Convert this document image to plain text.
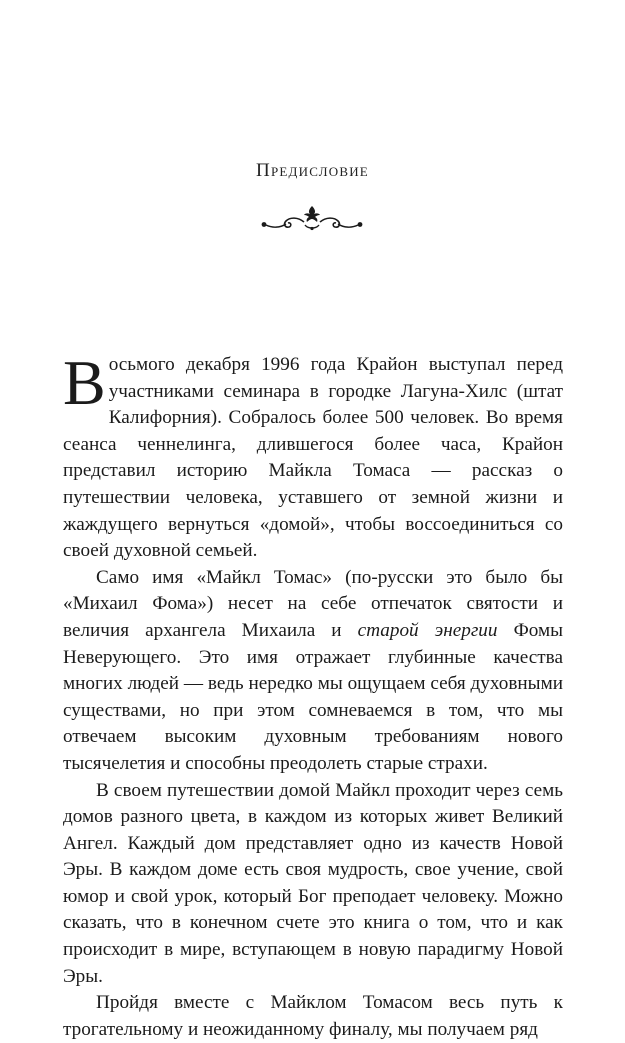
Предисловие

Восьмого декабря 1996 года Крайон выступал перед участниками семинара в городке Лагуна-Хилс (штат Калифорния). Собралось более 500 человек. Во время сеанса ченнелинга, длившегося более часа, Крайон представил историю Майкла Томаса — рассказ о путешествии человека, уставшего от земной жизни и жаждущего вернуться «домой», чтобы воссоединиться со своей духовной семьей.

Само имя «Майкл Томас» (по-русски это было бы «Михаил Фома») несет на себе отпечаток святости и величия архангела Михаила и старой энергии Фомы Неверующего. Это имя отражает глубинные качества многих людей — ведь нередко мы ощущаем себя духовными существами, но при этом сомневаемся в том, что мы отвечаем высоким духовным требованиям нового тысячелетия и способны преодолеть старые страхи.

В своем путешествии домой Майкл проходит через семь домов разного цвета, в каждом из которых живет Великий Ангел. Каждый дом представляет одно из качеств Новой Эры. В каждом доме есть своя мудрость, свое учение, свой юмор и свой урок, который Бог преподает человеку. Можно сказать, что в конечном счете это книга о том, что и как происходит в мире, вступающем в новую парадигму Новой Эры.

Пройдя вместе с Майклом Томасом весь путь к трогательному и неожиданному финалу, мы получаем ряд
